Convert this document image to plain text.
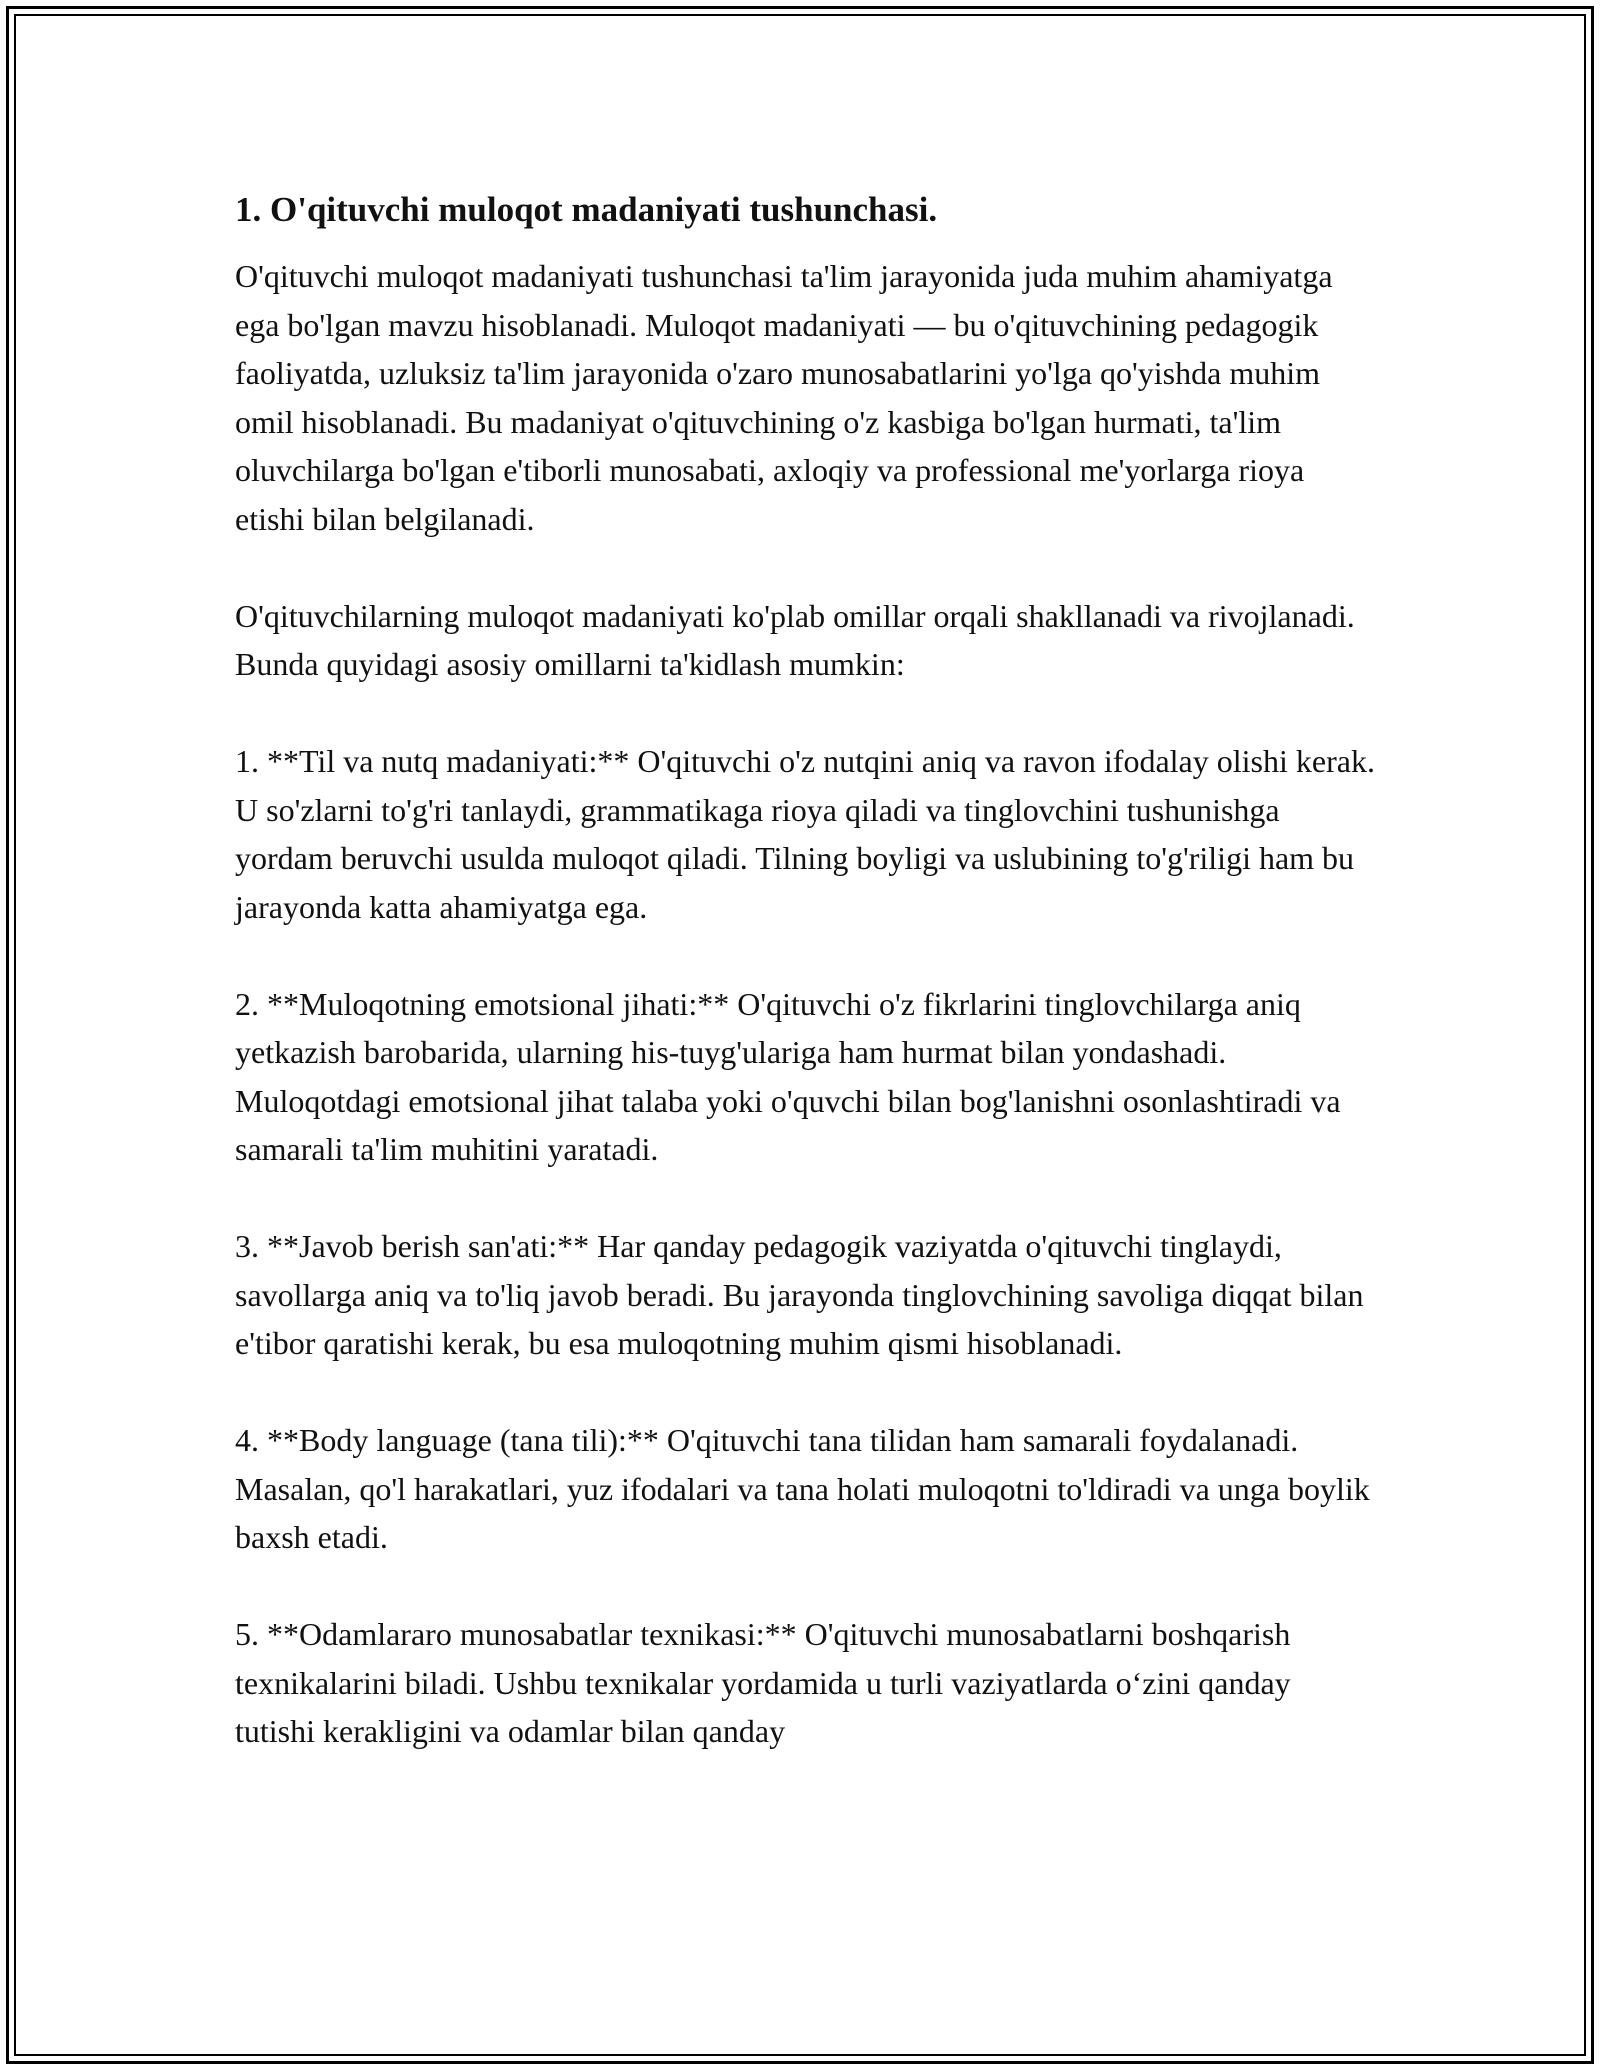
1. O'qituvchi muloqot madaniyati tushunchasi.

O'qituvchi muloqot madaniyati tushunchasi ta'lim jarayonida juda muhim ahamiyatga ega bo'lgan mavzu hisoblanadi. Muloqot madaniyati — bu o'qituvchining pedagogik faoliyatda, uzluksiz ta'lim jarayonida o'zaro munosabatlarini yo'lga qo'yishda muhim omil hisoblanadi. Bu madaniyat o'qituvchining o'z kasbiga bo'lgan hurmati, ta'lim oluvchilarga bo'lgan e'tiborli munosabati, axloqiy va professional me'yorlarga rioya etishi bilan belgilanadi.

O'qituvchilarning muloqot madaniyati ko'plab omillar orqali shakllanadi va rivojlanadi. Bunda quyidagi asosiy omillarni ta'kidlash mumkin:

1. **Til va nutq madaniyati:** O'qituvchi o'z nutqini aniq va ravon ifodalay olishi kerak. U so'zlarni to'g'ri tanlaydi, grammatikaga rioya qiladi va tinglovchini tushunishga yordam beruvchi usulda muloqot qiladi. Tilning boyligi va uslubining to'g'riligi ham bu jarayonda katta ahamiyatga ega.

2. **Muloqotning emotsional jihati:** O'qituvchi o'z fikrlarini tinglovchilarga aniq yetkazish barobarida, ularning his-tuyg'ulariga ham hurmat bilan yondashadi. Muloqotdagi emotsional jihat talaba yoki o'quvchi bilan bog'lanishni osonlashtiradi va samarali ta'lim muhitini yaratadi.

3. **Javob berish san'ati:** Har qanday pedagogik vaziyatda o'qituvchi tinglaydi, savollarga aniq va to'liq javob beradi. Bu jarayonda tinglovchining savoliga diqqat bilan e'tibor qaratishi kerak, bu esa muloqotning muhim qismi hisoblanadi.

4. **Body language (tana tili):** O'qituvchi tana tilidan ham samarali foydalanadi. Masalan, qo'l harakatlari, yuz ifodalari va tana holati muloqotni to'ldiradi va unga boylik baxsh etadi.

5. **Odamlararo munosabatlar texnikasi:** O'qituvchi munosabatlarni boshqarish texnikalarini biladi. Ushbu texnikalar yordamida u turli vaziyatlarda o‘zini qanday tutishi kerakligini va odamlar bilan qanday
